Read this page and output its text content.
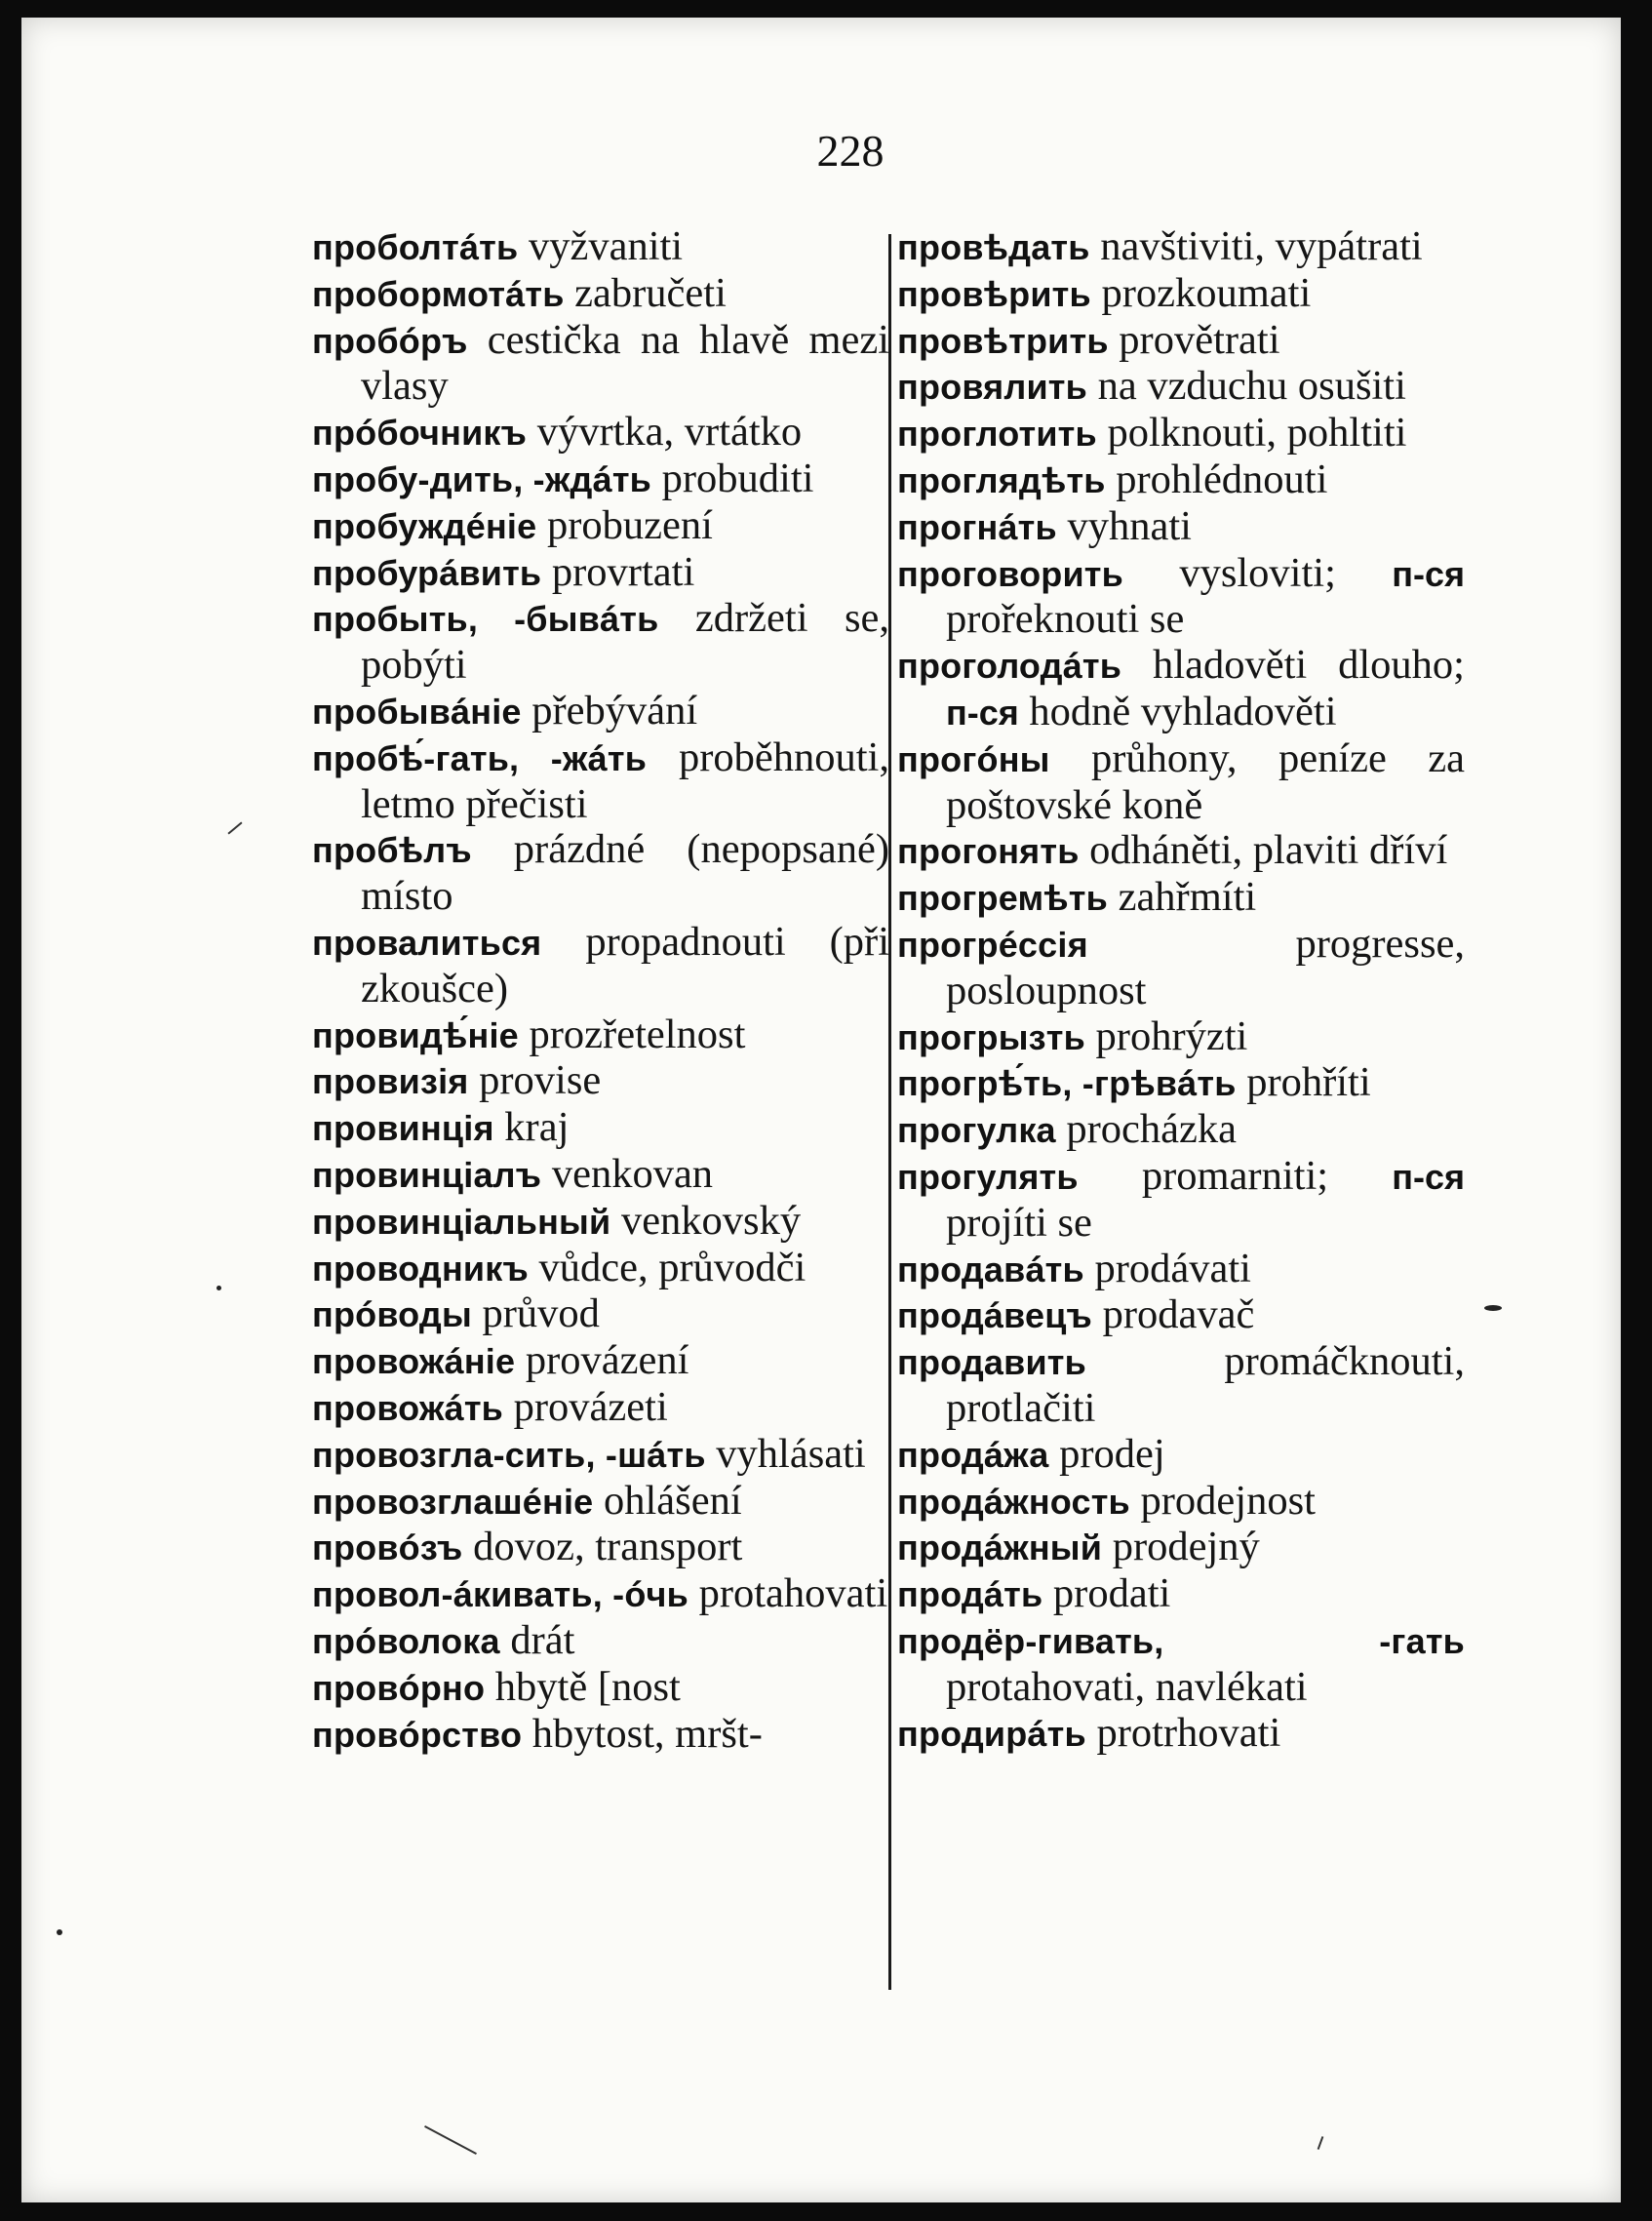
228
проболтáть vyžvaniti
пробормотáть zabručeti
пробóръ cestička na hlavě mezi vlasy
прóбочникъ vývrtka, vrtátko
пробу-дить, -ждáть probuditi
пробуждéніе probuzení
пробурáвить provrtati
пробыть, -бывáть zdržeti se, pobýti
пробывáніе přebývání
пробѣ́-гать, -жáть proběhnouti, letmo přečisti
пробѣлъ prázdné (nepopsané) místo
провалиться propadnouti (při zkoušce)
провидѣ́ніе prozřetelnost
провизія provise
провинція kraj
провинціалъ venkovan
провинціальный venkovský
проводникъ vůdce, průvodči
прóводы průvod
провожáніе provázení
провожáть provázeti
провозгла-сить, -шáть vyhlásati
провозглашéніе ohlášení
провóзъ dovoz, transport
провол-áкивать, -óчь protahovati
прóволока drát
провóрно hbytě [nost
провóрство hbytost, mršt-
провѣдать navštiviti, vypátrati
провѣрить prozkoumati
провѣтрить provětrati
провялить na vzduchu osušiti
проглотить polknouti, pohltiti
проглядѣть prohlédnouti
прогнáть vyhnati
проговорить vysloviti; п-ся prořeknouti se
проголодáть hladověti dlouho; п-ся hodně vyhladověti
прогóны průhony, peníze za poštovské koně
прогонять odháněti, plaviti dříví
прогремѣть zahřmíti
прогрéссія	progresse, posloupnost
прогрызть prohrýzti
прогрѣ́ть, -грѣвáть prohříti
прогулка procházka
прогулять promarniti; п-ся projíti se
продавáть prodávati
продáвецъ prodavač
продавить	promáčknouti, protlačiti
продáжа prodej
продáжность prodejnost
продáжный prodejný
продáть prodati
продёр-гивать, -гать protahovati, navlékati
продирáть protrhovati
